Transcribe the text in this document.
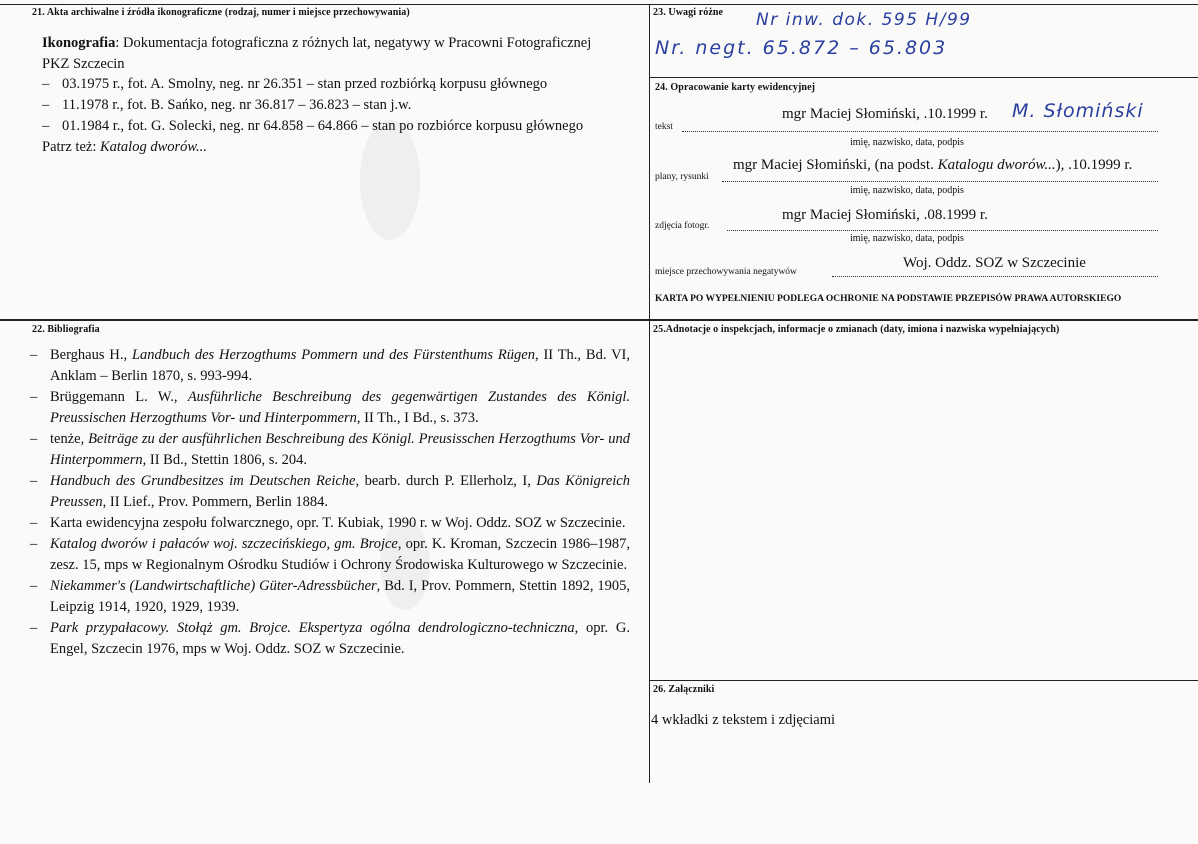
21. Akta archiwalne i źródła ikonograficzne (rodzaj, numer i miejsce przechowywania)
Ikonografia: Dokumentacja fotograficzna z różnych lat, negatywy w Pracowni Fotograficznej
PKZ Szczecin
– 03.1975 r., fot. A. Smolny, neg. nr 26.351 – stan przed rozbiórką korpusu głównego
– 11.1978 r., fot. B. Sańko, neg. nr 36.817 – 36.823 – stan j.w.
– 01.1984 r., fot. G. Solecki, neg. nr 64.858 – 64.866 – stan po rozbiórce korpusu głównego
Patrz też: Katalog dworów...
23. Uwagi różne Nr inw. dok. 595 H/99
Nr. negt. 65.872 – 65.803
24. Opracowanie karty ewidencyjnej
tekst
mgr Maciej Słomiński, .10.1999 r. M. Słomiński
imię, nazwisko, data, podpis
plany, rysunki
mgr Maciej Słomiński, (na podst. Katalogu dworów...), .10.1999 r.
imię, nazwisko, data, podpis
zdjęcia fotogr.
mgr Maciej Słomiński, .08.1999 r.
imię, nazwisko, data, podpis
miejsce przechowywania negatywów
Woj. Oddz. SOZ w Szczecinie
KARTA PO WYPEŁNIENIU PODLEGA OCHRONIE NA PODSTAWIE PRZEPISÓW PRAWA AUTORSKIEGO
22. Bibliografia
– Berghaus H., Landbuch des Herzogthums Pommern und des Fürstenthums Rügen, II Th., Bd. VI, Anklam – Berlin 1870, s. 993-994.
– Brüggemann L. W., Ausführliche Beschreibung des gegenwärtigen Zustandes des Königl. Preussischen Herzogthums Vor- und Hinterpommern, II Th., I Bd., s. 373.
– tenże, Beiträge zu der ausführlichen Beschreibung des Königl. Preusisschen Herzogthums Vor- und Hinterpommern, II Bd., Stettin 1806, s. 204.
– Handbuch des Grundbesitzes im Deutschen Reiche, bearb. durch P. Ellerholz, I, Das Königreich Preussen, II Lief., Prov. Pommern, Berlin 1884.
– Karta ewidencyjna zespołu folwarcznego, opr. T. Kubiak, 1990 r. w Woj. Oddz. SOZ w Szczecinie.
– Katalog dworów i pałaców woj. szczecińskiego, gm. Brojce, opr. K. Kroman, Szczecin 1986–1987, zesz. 15, mps w Regionalnym Ośrodku Studiów i Ochrony Środowiska Kulturowego w Szczecinie.
– Niekammer's (Landwirtschaftliche) Güter-Adressbücher, Bd. I, Prov. Pommern, Stettin 1892, 1905, Leipzig 1914, 1920, 1929, 1939.
– Park przypałacowy. Stołąż gm. Brojce. Ekspertyza ogólna dendrologiczno-techniczna, opr. G. Engel, Szczecin 1976, mps w Woj. Oddz. SOZ w Szczecinie.
25.Adnotacje o inspekcjach, informacje o zmianach (daty, imiona i nazwiska wypełniających)
26. Załączniki
4 wkładki z tekstem i zdjęciami
